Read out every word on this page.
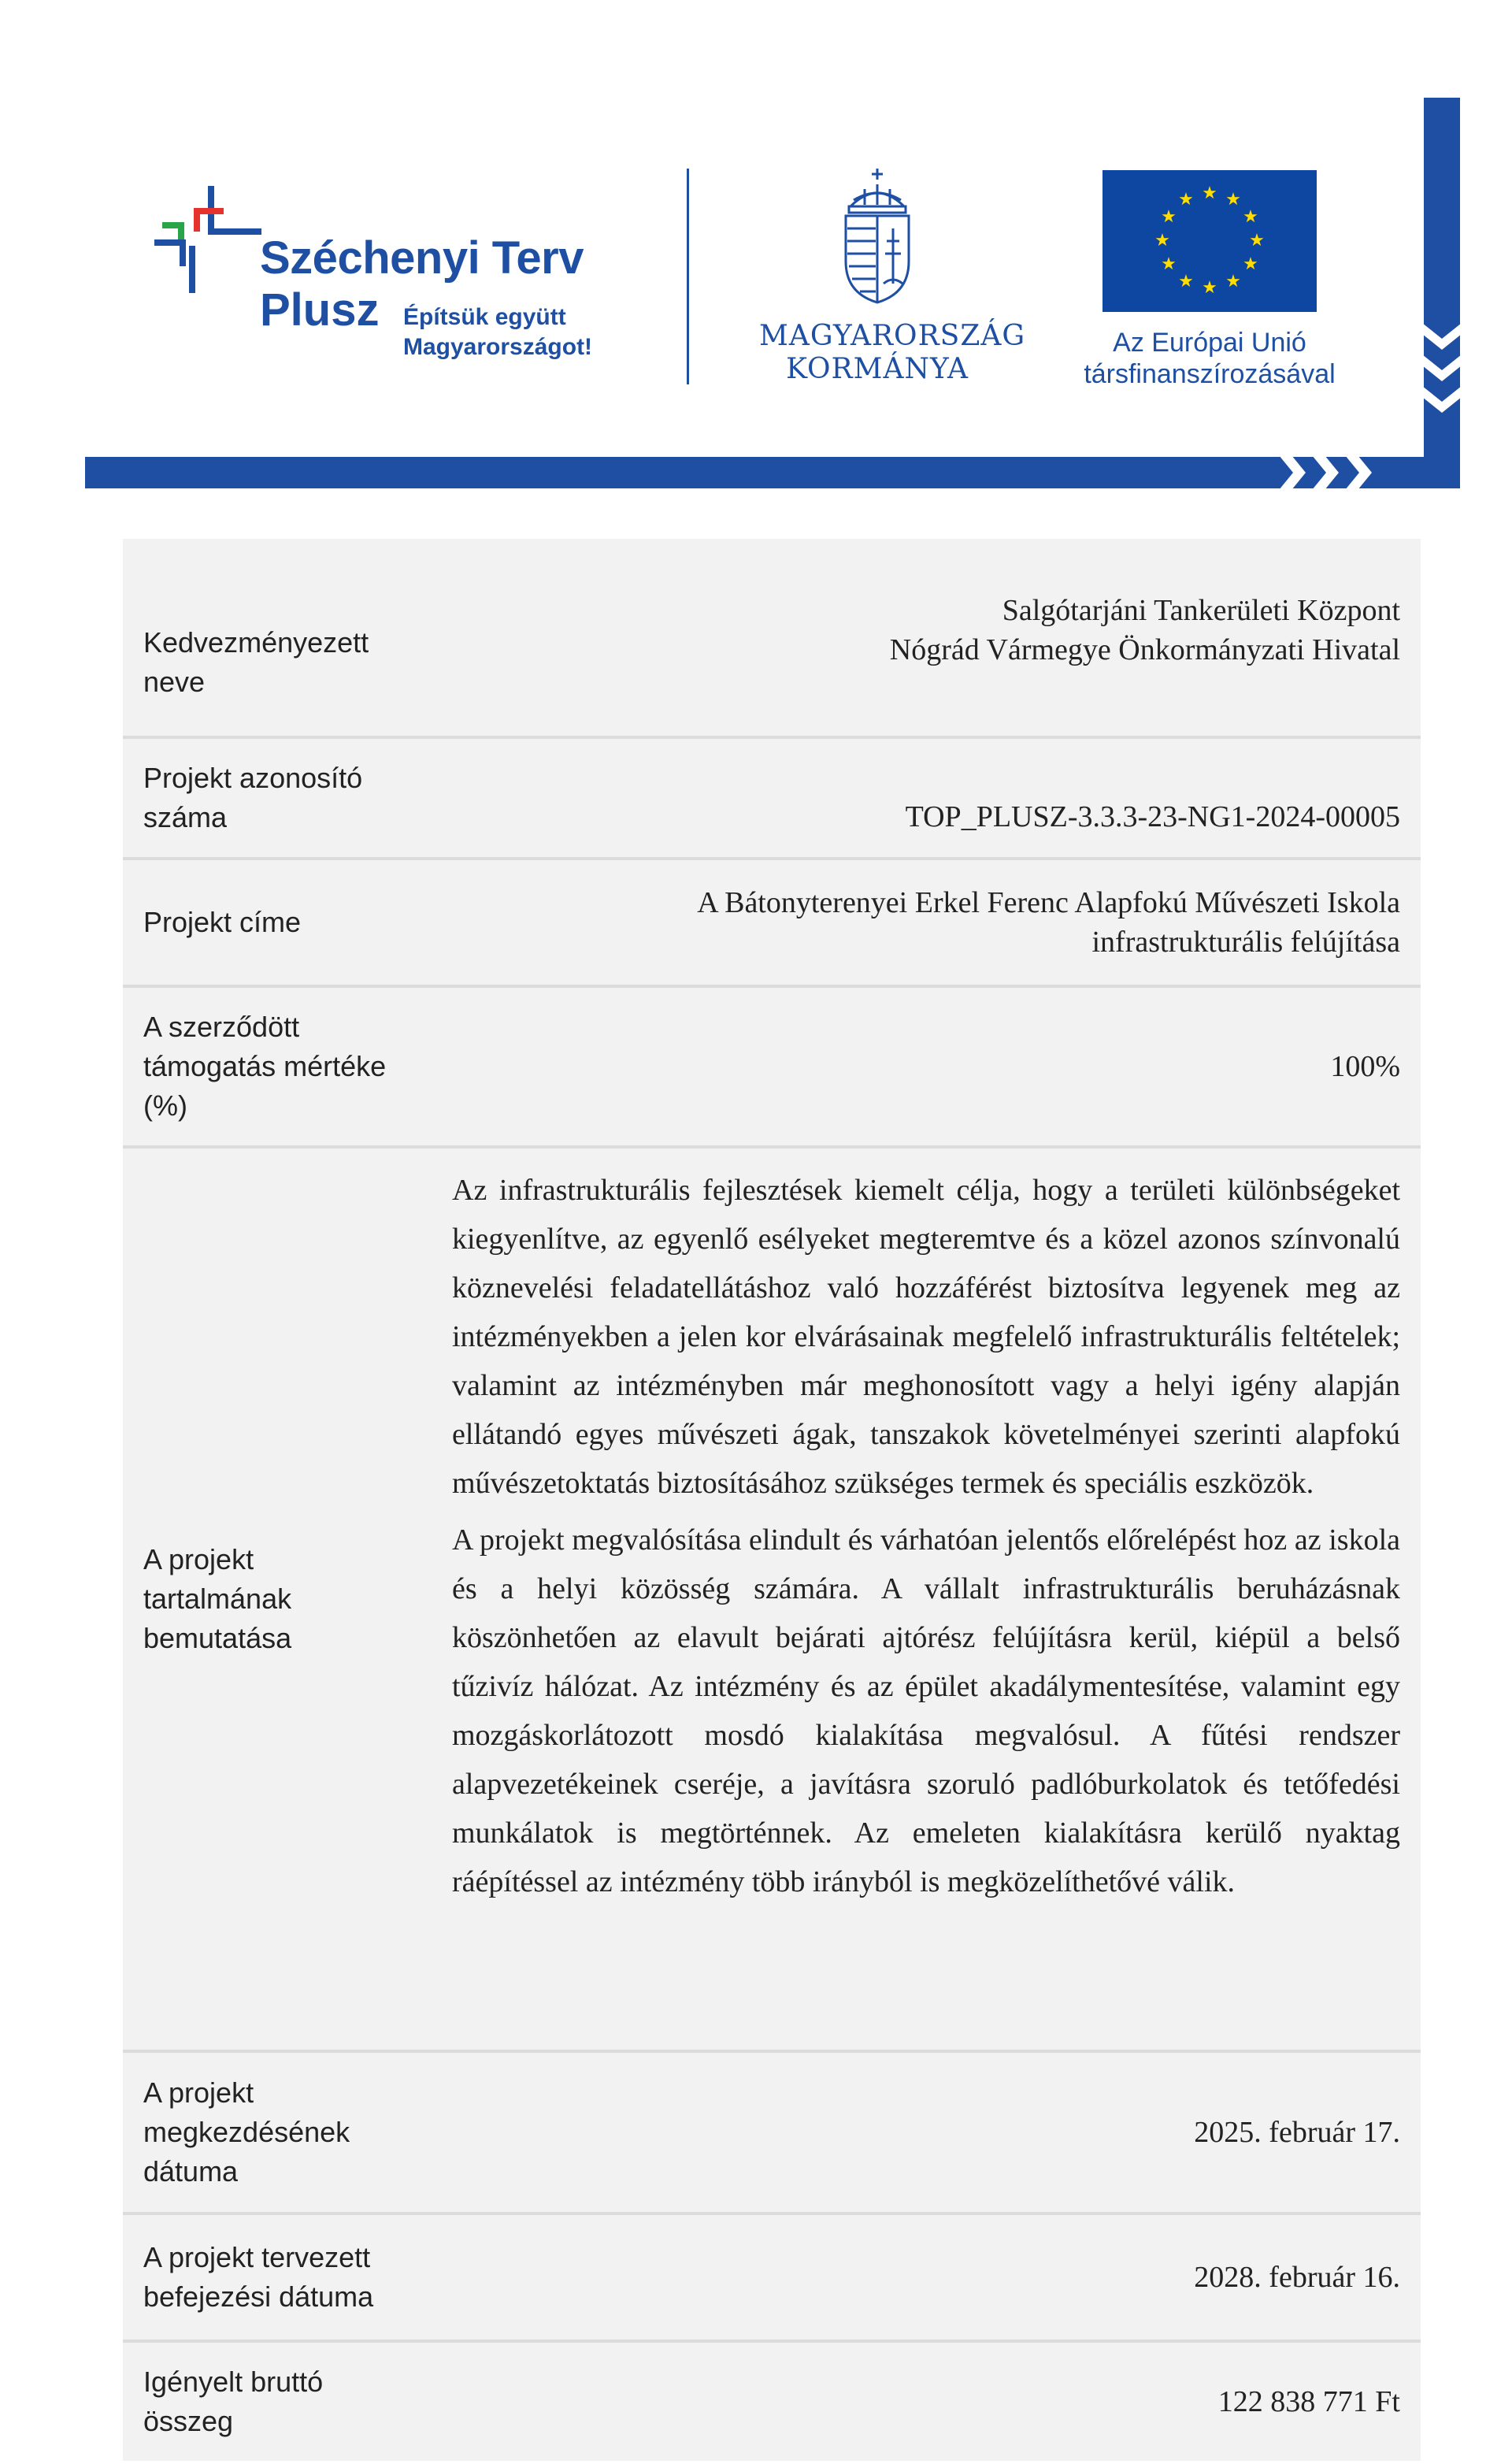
Széchenyi Terv
Plusz Építsük együtt
Magyarországot!	MAGYARORSZÁG
KORMÁNYA
★ ★
★
★
★
★
★
★
★
★
★
★
Az Európai Unió
társfinanszírozásával
Kedvezményezett neve
Salgótarjáni Tankerületi Központ
Nógrád Vármegye Önkormányzati Hivatal
Projekt azonosító száma	TOP_PLUSZ-3.3.3-23-NG1-2024-00005
Projekt címe
A Bátonyterenyei Erkel Ferenc Alapfokú Művészeti Iskola
infrastrukturális felújítása
A szerződött támogatás mértéke (%)
100%
A projekt tartalmának bemutatása

Az infrastrukturális fejlesztések kiemelt célja, hogy a területi különbségeket kiegyenlítve, az egyenlő esélyeket megteremtve és a közel azonos színvonalú köznevelési feladatellátáshoz való hozzáférést biztosítva legyenek meg az intézményekben a jelen kor elvárásainak megfelelő infrastrukturális feltételek; valamint az intézményben már meghonosított vagy a helyi igény alapján ellátandó egyes művészeti ágak, tanszakok követelményei szerinti alapfokú művészetoktatás biztosításához szükséges termek és speciális eszközök.

A projekt megvalósítása elindult és várhatóan jelentős előrelépést hoz az iskola és a helyi közösség számára. A vállalt infrastrukturális beruházásnak köszönhetően az elavult bejárati ajtórész felújításra kerül, kiépül a belső tűzivíz hálózat. Az intézmény és az épület akadálymentesítése, valamint egy mozgáskorlátozott mosdó kialakítása megvalósul. A fűtési rendszer alapvezetékeinek cseréje, a javításra szoruló padlóburkolatok és tetőfedési munkálatok is megtörténnek. Az emeleten kialakításra kerülő nyaktag ráépítéssel az intézmény több irányból is megközelíthetővé válik.

A projekt megkezdésének dátuma
2025. február 17.
A projekt tervezett befejezési dátuma
2028. február 16.
Igényelt bruttó összeg
122 838 771 Ft
